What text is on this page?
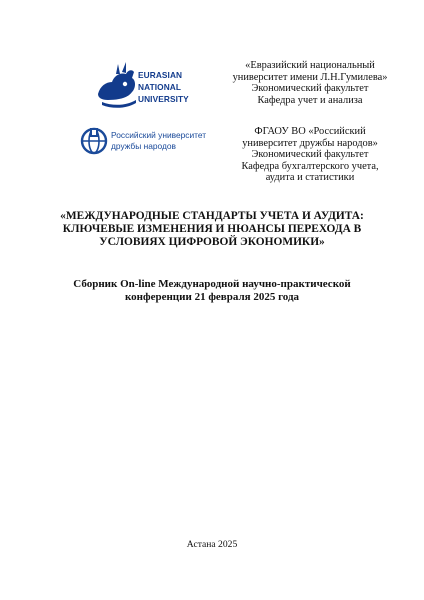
EURASIAN
NATIONAL
UNIVERSITY
Российский университет
дружбы народов
«Евразийский национальный
университет имени Л.Н.Гумилева»
Экономический факультет
Кафедра учет и анализа
ФГАОУ ВО «Российский
университет дружбы народов»
Экономический факультет
Кафедра бухгалтерского учета,
аудита и статистики
«МЕЖДУНАРОДНЫЕ СТАНДАРТЫ УЧЕТА И АУДИТА:
КЛЮЧЕВЫЕ ИЗМЕНЕНИЯ И НЮАНСЫ ПЕРЕХОДА В
УСЛОВИЯХ ЦИФРОВОЙ ЭКОНОМИКИ»
Сборник On-line Международной научно-практической
конференции 21 февраля 2025 года
Астана 2025
